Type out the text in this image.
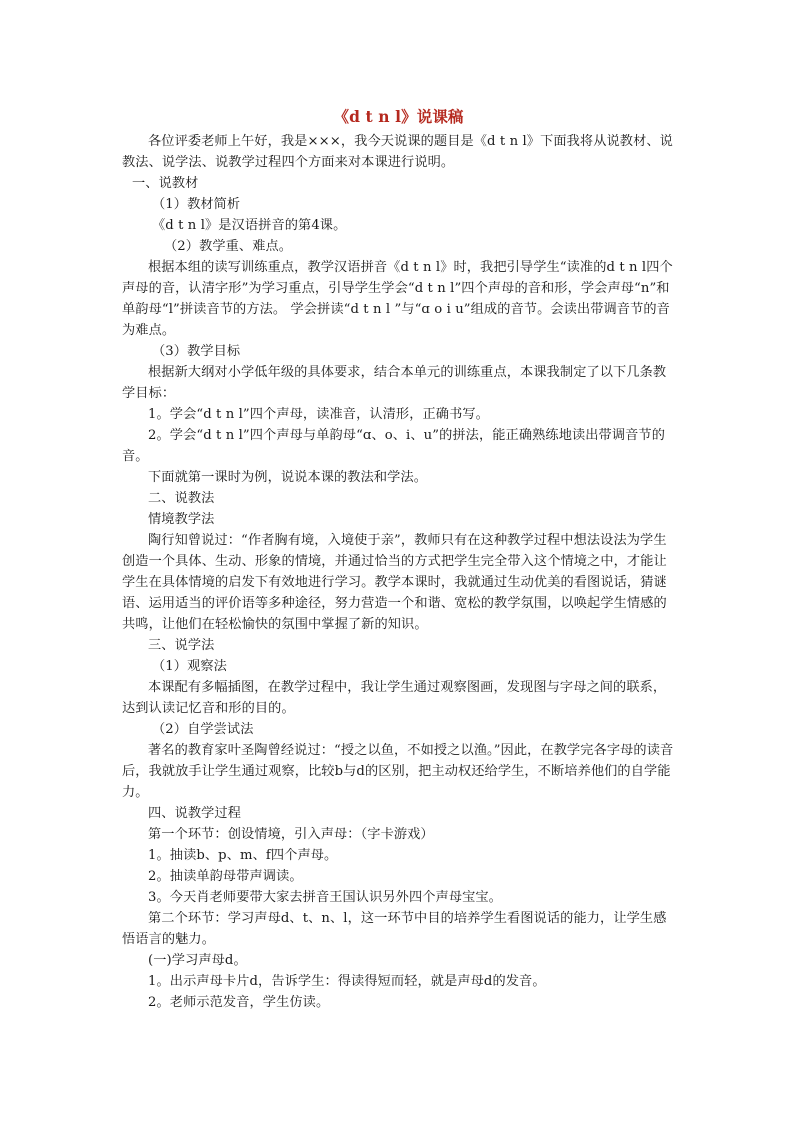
《d t n l》说课稿

各位评委老师上午好，我是×××，我今天说课的题目是《d t n l》下面我将从说教材、说教法、说学法、说教学过程四个方面来对本课进行说明。

一、说教材

（1）教材简析

《d t n l》是汉语拼音的第4课。

（2）教学重、难点。

根据本组的读写训练重点，教学汉语拼音《d t n l》时，我把引导学生“读准的d t n l四个声母的音，认清字形”为学习重点，引导学生学会“d t n l”四个声母的音和形，学会声母“n”和单韵母“l”拼读音节的方法。 学会拼读“d t n l ”与“ɑ o i u”组成的音节。会读出带调音节的音为难点。

（3）教学目标

根据新大纲对小学低年级的具体要求，结合本单元的训练重点，本课我制定了以下几条教学目标：

1。学会“d t n l”四个声母，读准音，认清形，正确书写。

2。学会“d t n l”四个声母与单韵母“ɑ、o、i、u”的拼法，能正确熟练地读出带调音节的音。

下面就第一课时为例，说说本课的教法和学法。

二、说教法

情境教学法

陶行知曾说过：“作者胸有境，入境使于亲”，教师只有在这种教学过程中想法设法为学生创造一个具体、生动、形象的情境，并通过恰当的方式把学生完全带入这个情境之中，才能让学生在具体情境的启发下有效地进行学习。教学本课时，我就通过生动优美的看图说话，猜谜语、运用适当的评价语等多种途径，努力营造一个和谐、宽松的教学氛围，以唤起学生情感的共鸣，让他们在轻松愉快的氛围中掌握了新的知识。

三、说学法

（1）观察法

本课配有多幅插图，在教学过程中，我让学生通过观察图画，发现图与字母之间的联系，达到认读记忆音和形的目的。

（2）自学尝试法

著名的教育家叶圣陶曾经说过：“授之以鱼，不如授之以渔。”因此，在教学完各字母的读音后，我就放手让学生通过观察，比较b与d的区别，把主动权还给学生，不断培养他们的自学能力。

四、说教学过程

第一个环节：创设情境，引入声母：（字卡游戏）

1。抽读b、p、m、f四个声母。

2。抽读单韵母带声调读。

3。今天肖老师要带大家去拼音王国认识另外四个声母宝宝。

第二个环节：学习声母d、t、n、l，这一环节中目的培养学生看图说话的能力，让学生感悟语言的魅力。

(一)学习声母d。

1。出示声母卡片d，告诉学生：得读得短而轻，就是声母d的发音。

2。老师示范发音，学生仿读。
